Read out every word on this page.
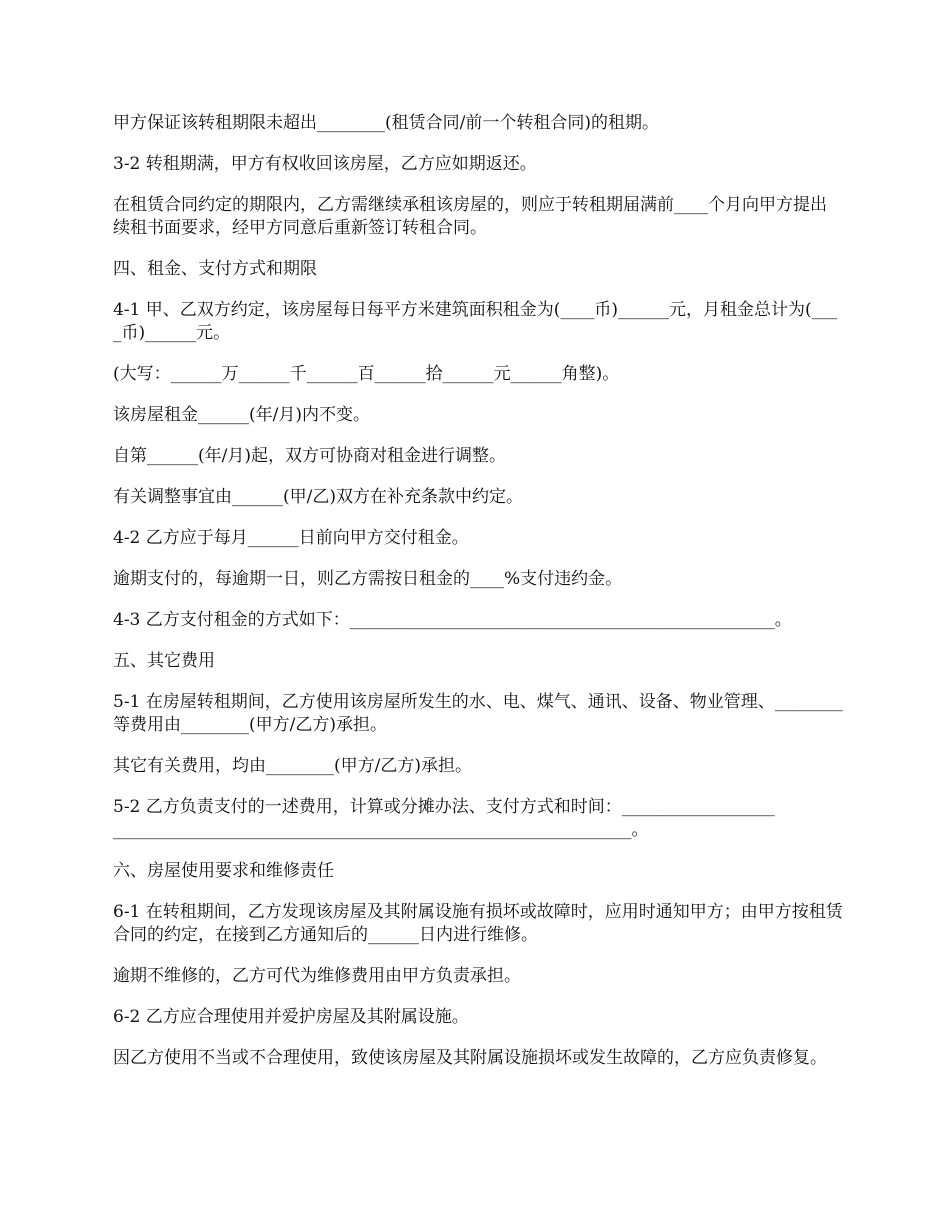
甲方保证该转租期限未超出________(租赁合同/前一个转租合同)的租期。

3-2 转租期满，甲方有权收回该房屋，乙方应如期返还。

在租赁合同约定的期限内，乙方需继续承租该房屋的，则应于转租期届满前____个月向甲方提出续租书面要求，经甲方同意后重新签订转租合同。

四、租金、支付方式和期限

4-1 甲、乙双方约定，该房屋每日每平方米建筑面积租金为(____币)______元，月租金总计为(____币)______元。

(大写：______万______千______百______拾______元______角整)。

该房屋租金______(年/月)内不变。

自第______(年/月)起，双方可协商对租金进行调整。

有关调整事宜由______(甲/乙)双方在补充条款中约定。

4-2 乙方应于每月______日前向甲方交付租金。

逾期支付的，每逾期一日，则乙方需按日租金的____%支付违约金。

4-3 乙方支付租金的方式如下：__________________________________________________。

五、其它费用

5-1 在房屋转租期间，乙方使用该房屋所发生的水、电、煤气、通讯、设备、物业管理、________等费用由________(甲方/乙方)承担。

其它有关费用，均由________(甲方/乙方)承担。

5-2 乙方负责支付的一述费用，计算或分摊办法、支付方式和时间：__________________
_____________________________________________________________。

六、房屋使用要求和维修责任

6-1 在转租期间，乙方发现该房屋及其附属设施有损坏或故障时，应用时通知甲方；由甲方按租赁合同的约定，在接到乙方通知后的______日内进行维修。

逾期不维修的，乙方可代为维修费用由甲方负责承担。

6-2 乙方应合理使用并爱护房屋及其附属设施。

因乙方使用不当或不合理使用，致使该房屋及其附属设施损坏或发生故障的，乙方应负责修复。
